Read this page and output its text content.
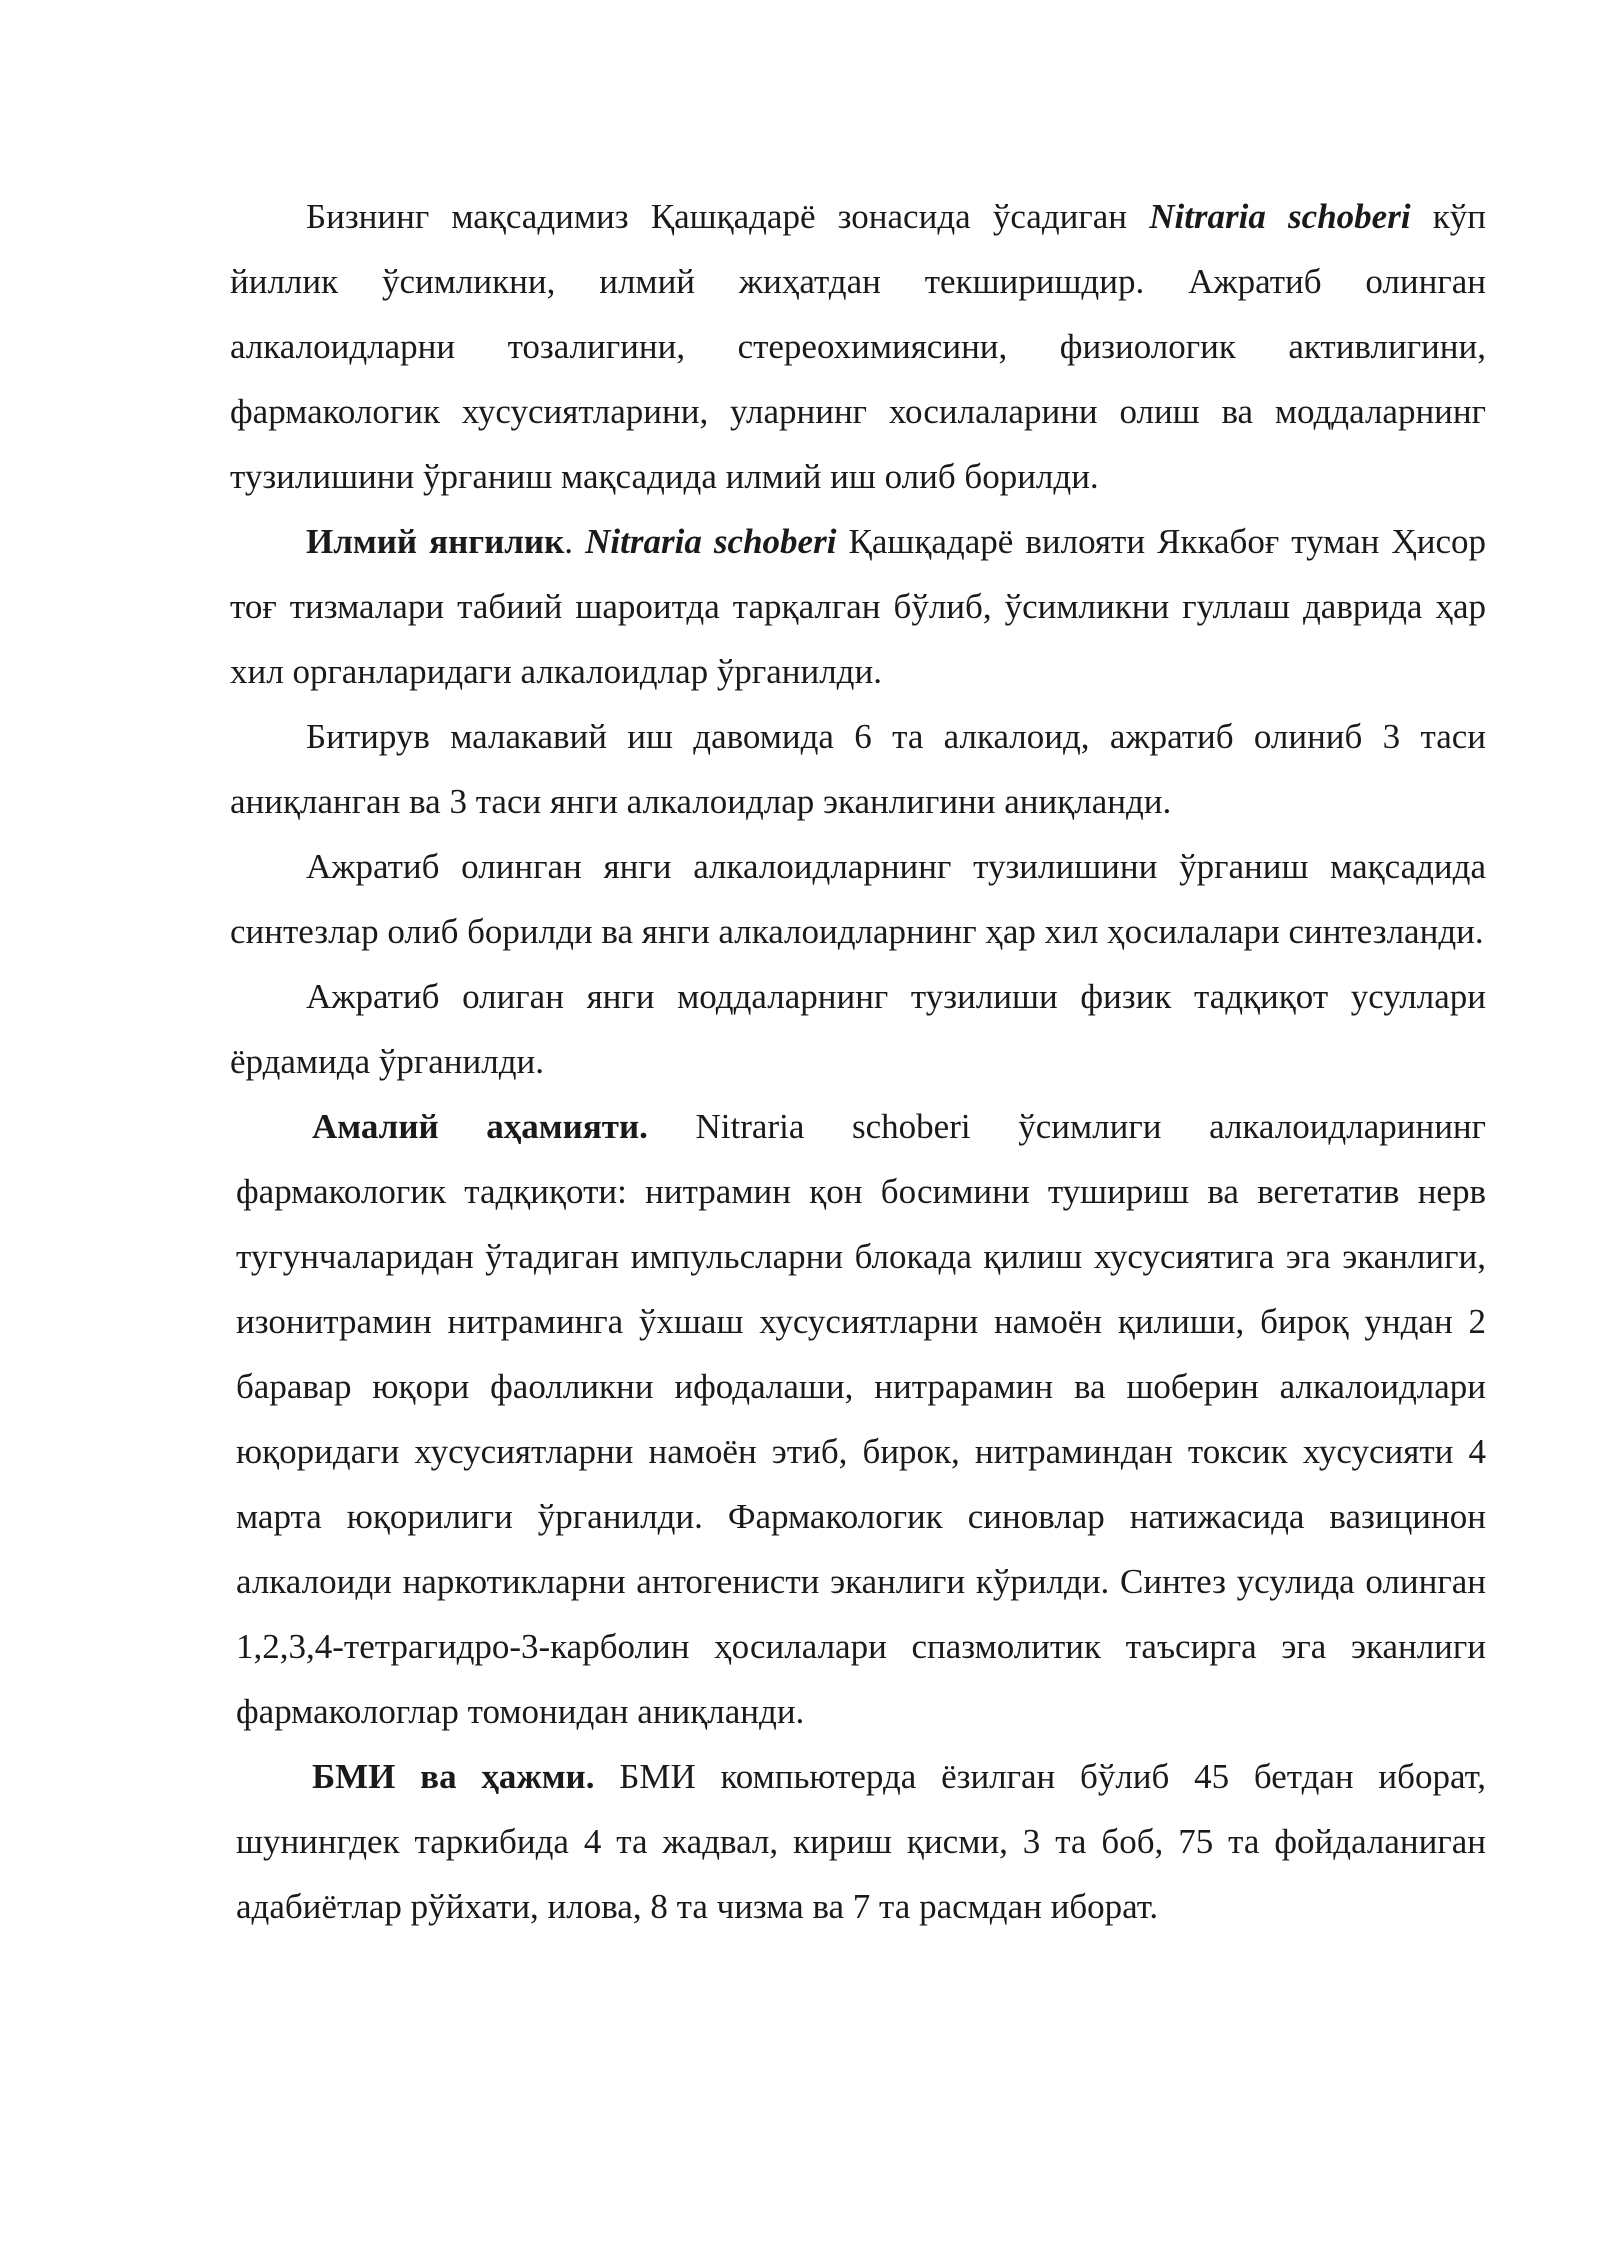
Бизнинг мақсадимиз Қашқадарё зонасида ўсадиган Nitraria schoberi кўп йиллик ўсимликни, илмий жиҳатдан текширишдир. Ажратиб олинган алкалоидларни тозалигини, стереохимиясини, физиологик активлигини, фармакологик хусусиятларини, уларнинг хосилаларини олиш ва моддаларнинг тузилишини ўрганиш мақсадида илмий иш олиб борилди.

Илмий янгилик. Nitraria schoberi Қашқадарё вилояти Яккабоғ туман Ҳисор тоғ тизмалари табиий шароитда тарқалган бўлиб, ўсимликни гуллаш даврида ҳар хил органларидаги алкалоидлар ўрганилди.

Битирув малакавий иш давомида 6 та алкалоид, ажратиб олиниб 3 таси аниқланган ва 3 таси янги алкалоидлар эканлигини аниқланди.

Ажратиб олинган янги алкалоидларнинг тузилишини ўрганиш мақсадида синтезлар олиб борилди ва янги алкалоидларнинг ҳар хил ҳосилалари синтезланди.

Ажратиб олиган янги моддаларнинг тузилиши физик тадқиқот усуллари ёрдамида ўрганилди.

Амалий аҳамияти. Nitraria schoberi ўсимлиги алкалоидларининг фармакологик тадқиқоти: нитрамин қон босимини тушириш ва вегетатив нерв тугунчаларидан ўтадиган импульсларни блокада қилиш хусусиятига эга эканлиги, изонитрамин нитраминга ўхшаш хусусиятларни намоён қилиши, бироқ ундан 2 баравар юқори фаолликни ифодалаши, нитрарамин ва шоберин алкалоидлари юқоридаги хусусиятларни намоён этиб, бирок, нитраминдан токсик хусусияти 4 марта юқорилиги ўрганилди. Фармакологик синовлар натижасида вазицинон алкалоиди наркотикларни антогенисти эканлиги кўрилди. Синтез усулида олинган 1,2,3,4-тетрагидро-3-карболин ҳосилалари спазмолитик таъсирга эга эканлиги фармакологлар томонидан аниқланди.

БМИ ва ҳажми. БМИ компьютерда ёзилган бўлиб 45 бетдан иборат, шунингдек таркибида 4 та жадвал, кириш қисми, 3 та боб, 75 та фойдаланиган адабиётлар рўйхати, илова, 8 та чизма ва 7 та расмдан иборат.
